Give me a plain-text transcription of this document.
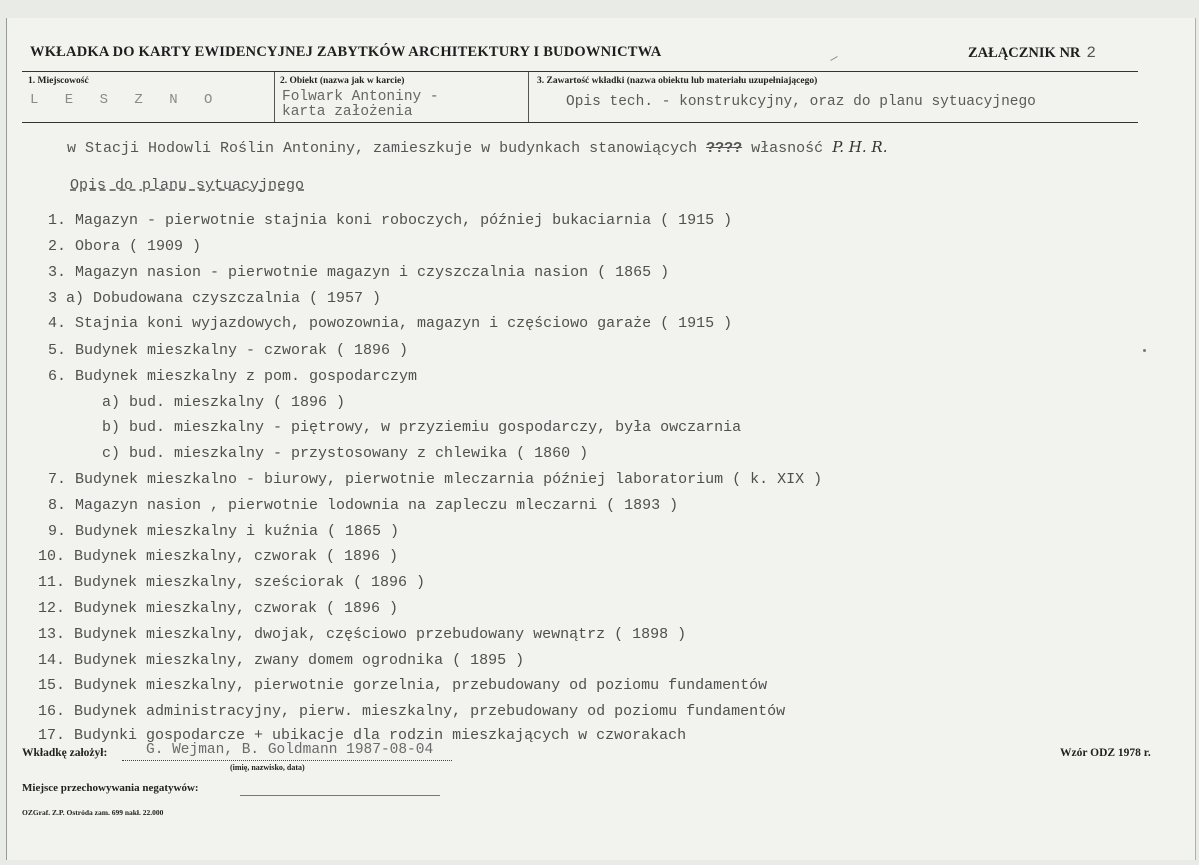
WKŁADKA DO KARTY EWIDENCYJNEJ ZABYTKÓW ARCHITEKTURY I BUDOWNICTWA	ZAŁĄCZNIK NR 2
1. Miejscowość	2. Obiekt (nazwa jak w karcie)	3. Zawartość wkładki (nazwa obiektu lub materiału uzupełniającego)
L E S Z N O	Folwark Antoniny -
karta założenia
Opis tech. - konstrukcyjny, oraz do planu sytuacyjnego
w Stacji Hodowli Roślin Antoniny, zamieszkuje w budynkach stanowiących ???? własność P. H. R.
Opis do planu sytuacyjnego
1. Magazyn - pierwotnie stajnia koni roboczych, później bukaciarnia ( 1915 )
2. Obora ( 1909 )
3. Magazyn nasion - pierwotnie magazyn i czyszczalnia nasion ( 1865 )
3 a) Dobudowana czyszczalnia ( 1957 )
4. Stajnia koni wyjazdowych, powozownia, magazyn i częściowo garaże ( 1915 )
5. Budynek mieszkalny - czworak ( 1896 )
6. Budynek mieszkalny z pom. gospodarczym
a) bud. mieszkalny ( 1896 )
b) bud. mieszkalny - piętrowy, w przyziemiu gospodarczy, była owczarnia
c) bud. mieszkalny - przystosowany z chlewika ( 1860 )
7. Budynek mieszkalno - biurowy, pierwotnie mleczarnia później laboratorium ( k. XIX )
8. Magazyn nasion , pierwotnie lodownia na zapleczu mleczarni ( 1893 )
9. Budynek mieszkalny i kuźnia ( 1865 )
10. Budynek mieszkalny, czworak ( 1896 )
11. Budynek mieszkalny, sześciorak ( 1896 )
12. Budynek mieszkalny, czworak ( 1896 )
13. Budynek mieszkalny, dwojak, częściowo przebudowany wewnątrz ( 1898 )
14. Budynek mieszkalny, zwany domem ogrodnika ( 1895 )
15. Budynek mieszkalny, pierwotnie gorzelnia, przebudowany od poziomu fundamentów
16. Budynek administracyjny, pierw. mieszkalny, przebudowany od poziomu fundamentów
17. Budynki gospodarcze + ubikacje dla rodzin mieszkających w czworakach
Wkładkę założył:	G. Wejman, B. Goldmann 1987-08-04
(imię, nazwisko, data)
Wzór ODZ 1978 r.
Miejsce przechowywania negatywów:
OZGraf. Z.P. Ostróda zam. 699 nakł. 22.000
